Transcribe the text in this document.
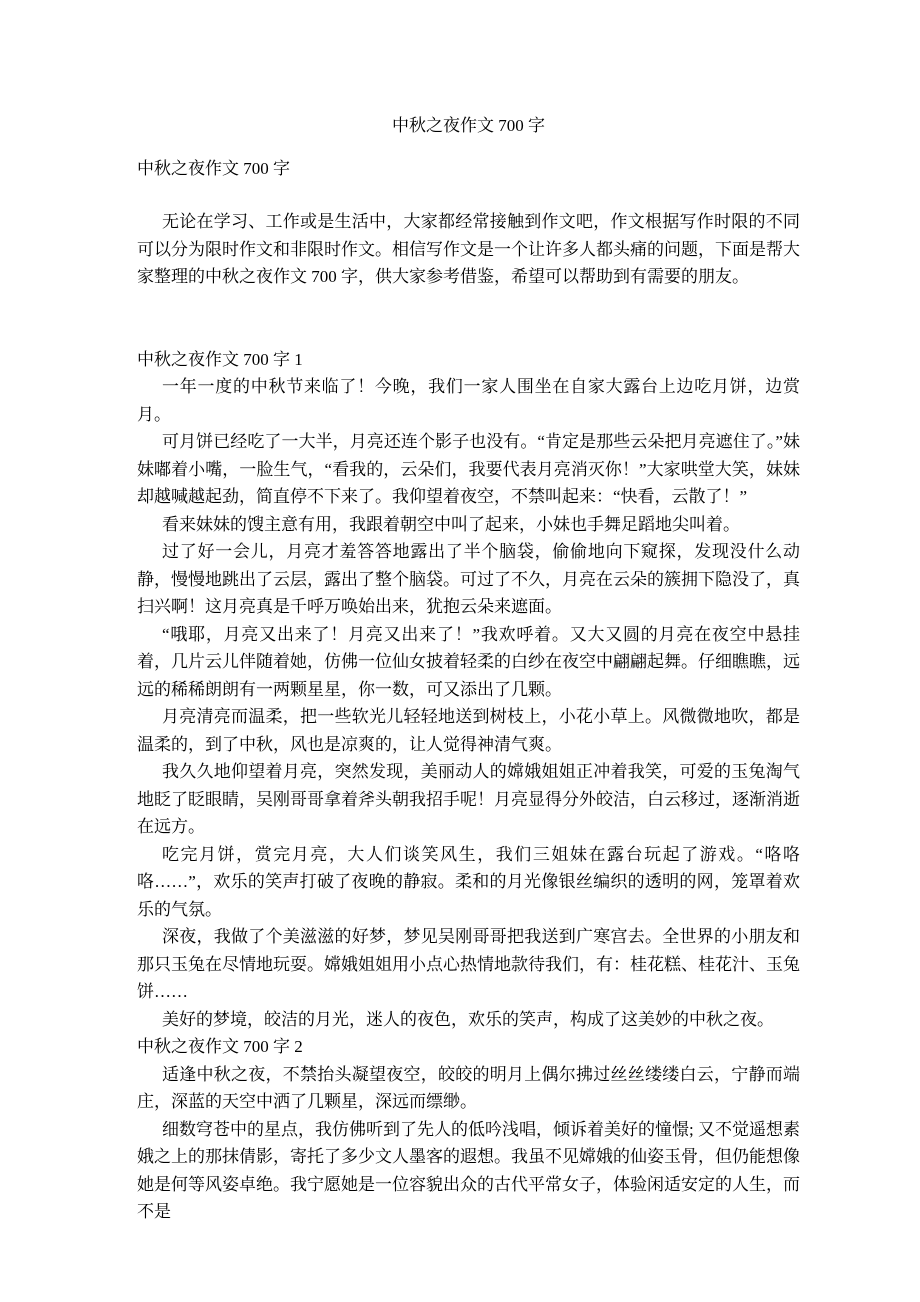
中秋之夜作文 700 字
中秋之夜作文 700 字

无论在学习、工作或是生活中，大家都经常接触到作文吧，作文根据写作时限的不同可以分为限时作文和非限时作文。相信写作文是一个让许多人都头痛的问题，下面是帮大家整理的中秋之夜作文 700 字，供大家参考借鉴，希望可以帮助到有需要的朋友。

中秋之夜作文 700 字 1

一年一度的中秋节来临了！今晚，我们一家人围坐在自家大露台上边吃月饼，边赏月。

可月饼已经吃了一大半，月亮还连个影子也没有。“肯定是那些云朵把月亮遮住了。”妹妹嘟着小嘴，一脸生气，“看我的，云朵们，我要代表月亮消灭你！”大家哄堂大笑，妹妹却越喊越起劲，简直停不下来了。我仰望着夜空，不禁叫起来：“快看，云散了！”

看来妹妹的馊主意有用，我跟着朝空中叫了起来，小妹也手舞足蹈地尖叫着。

过了好一会儿，月亮才羞答答地露出了半个脑袋，偷偷地向下窥探，发现没什么动静，慢慢地跳出了云层，露出了整个脑袋。可过了不久，月亮在云朵的簇拥下隐没了，真扫兴啊！这月亮真是千呼万唤始出来，犹抱云朵来遮面。

“哦耶，月亮又出来了！月亮又出来了！”我欢呼着。又大又圆的月亮在夜空中悬挂着，几片云儿伴随着她，仿佛一位仙女披着轻柔的白纱在夜空中翩翩起舞。仔细瞧瞧，远远的稀稀朗朗有一两颗星星，你一数，可又添出了几颗。

月亮清亮而温柔，把一些软光儿轻轻地送到树枝上，小花小草上。风微微地吹，都是温柔的，到了中秋，风也是凉爽的，让人觉得神清气爽。

我久久地仰望着月亮，突然发现，美丽动人的嫦娥姐姐正冲着我笑，可爱的玉兔淘气地眨了眨眼睛，吴刚哥哥拿着斧头朝我招手呢！月亮显得分外皎洁，白云移过，逐渐消逝在远方。

吃完月饼，赏完月亮，大人们谈笑风生，我们三姐妹在露台玩起了游戏。“咯咯咯……”，欢乐的笑声打破了夜晚的静寂。柔和的月光像银丝编织的透明的网，笼罩着欢乐的气氛。

深夜，我做了个美滋滋的好梦，梦见吴刚哥哥把我送到广寒宫去。全世界的小朋友和那只玉兔在尽情地玩耍。嫦娥姐姐用小点心热情地款待我们，有：桂花糕、桂花汁、玉兔饼……

美好的梦境，皎洁的月光，迷人的夜色，欢乐的笑声，构成了这美妙的中秋之夜。

中秋之夜作文 700 字 2

适逢中秋之夜，不禁抬头凝望夜空，皎皎的明月上偶尔拂过丝丝缕缕白云，宁静而端庄，深蓝的天空中洒了几颗星，深远而缥缈。

细数穹苍中的星点，我仿佛听到了先人的低吟浅唱，倾诉着美好的憧憬; 又不觉遥想素娥之上的那抹倩影，寄托了多少文人墨客的遐想。我虽不见嫦娥的仙姿玉骨，但仍能想像她是何等风姿卓绝。我宁愿她是一位容貌出众的古代平常女子，体验闲适安定的人生，而不是
